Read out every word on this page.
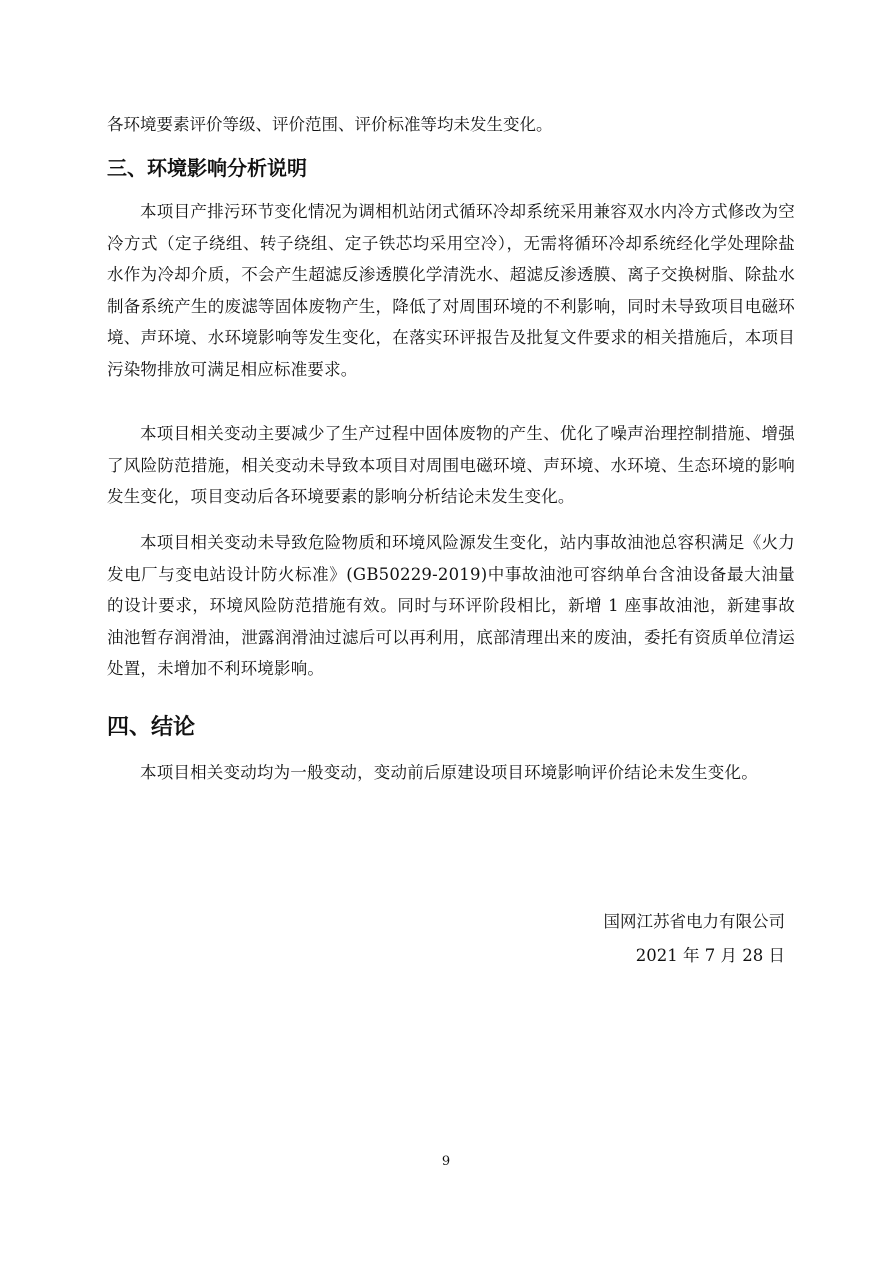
各环境要素评价等级、评价范围、评价标准等均未发生变化。
三、环境影响分析说明

本项目产排污环节变化情况为调相机站闭式循环冷却系统采用兼容双水内冷方式修改为空冷方式（定子绕组、转子绕组、定子铁芯均采用空冷），无需将循环冷却系统经化学处理除盐水作为冷却介质，不会产生超滤反渗透膜化学清洗水、超滤反渗透膜、离子交换树脂、除盐水制备系统产生的废滤等固体废物产生，降低了对周围环境的不利影响，同时未导致项目电磁环境、声环境、水环境影响等发生变化，在落实环评报告及批复文件要求的相关措施后，本项目污染物排放可满足相应标准要求。

本项目相关变动主要减少了生产过程中固体废物的产生、优化了噪声治理控制措施、增强了风险防范措施，相关变动未导致本项目对周围电磁环境、声环境、水环境、生态环境的影响发生变化，项目变动后各环境要素的影响分析结论未发生变化。

本项目相关变动未导致危险物质和环境风险源发生变化，站内事故油池总容积满足《火力发电厂与变电站设计防火标准》(GB50229-2019)中事故油池可容纳单台含油设备最大油量的设计要求，环境风险防范措施有效。同时与环评阶段相比，新增 1 座事故油池，新建事故油池暂存润滑油，泄露润滑油过滤后可以再利用，底部清理出来的废油，委托有资质单位清运处置，未增加不利环境影响。

四、结论

本项目相关变动均为一般变动，变动前后原建设项目环境影响评价结论未发生变化。

国网江苏省电力有限公司
2021 年 7 月 28 日
9
